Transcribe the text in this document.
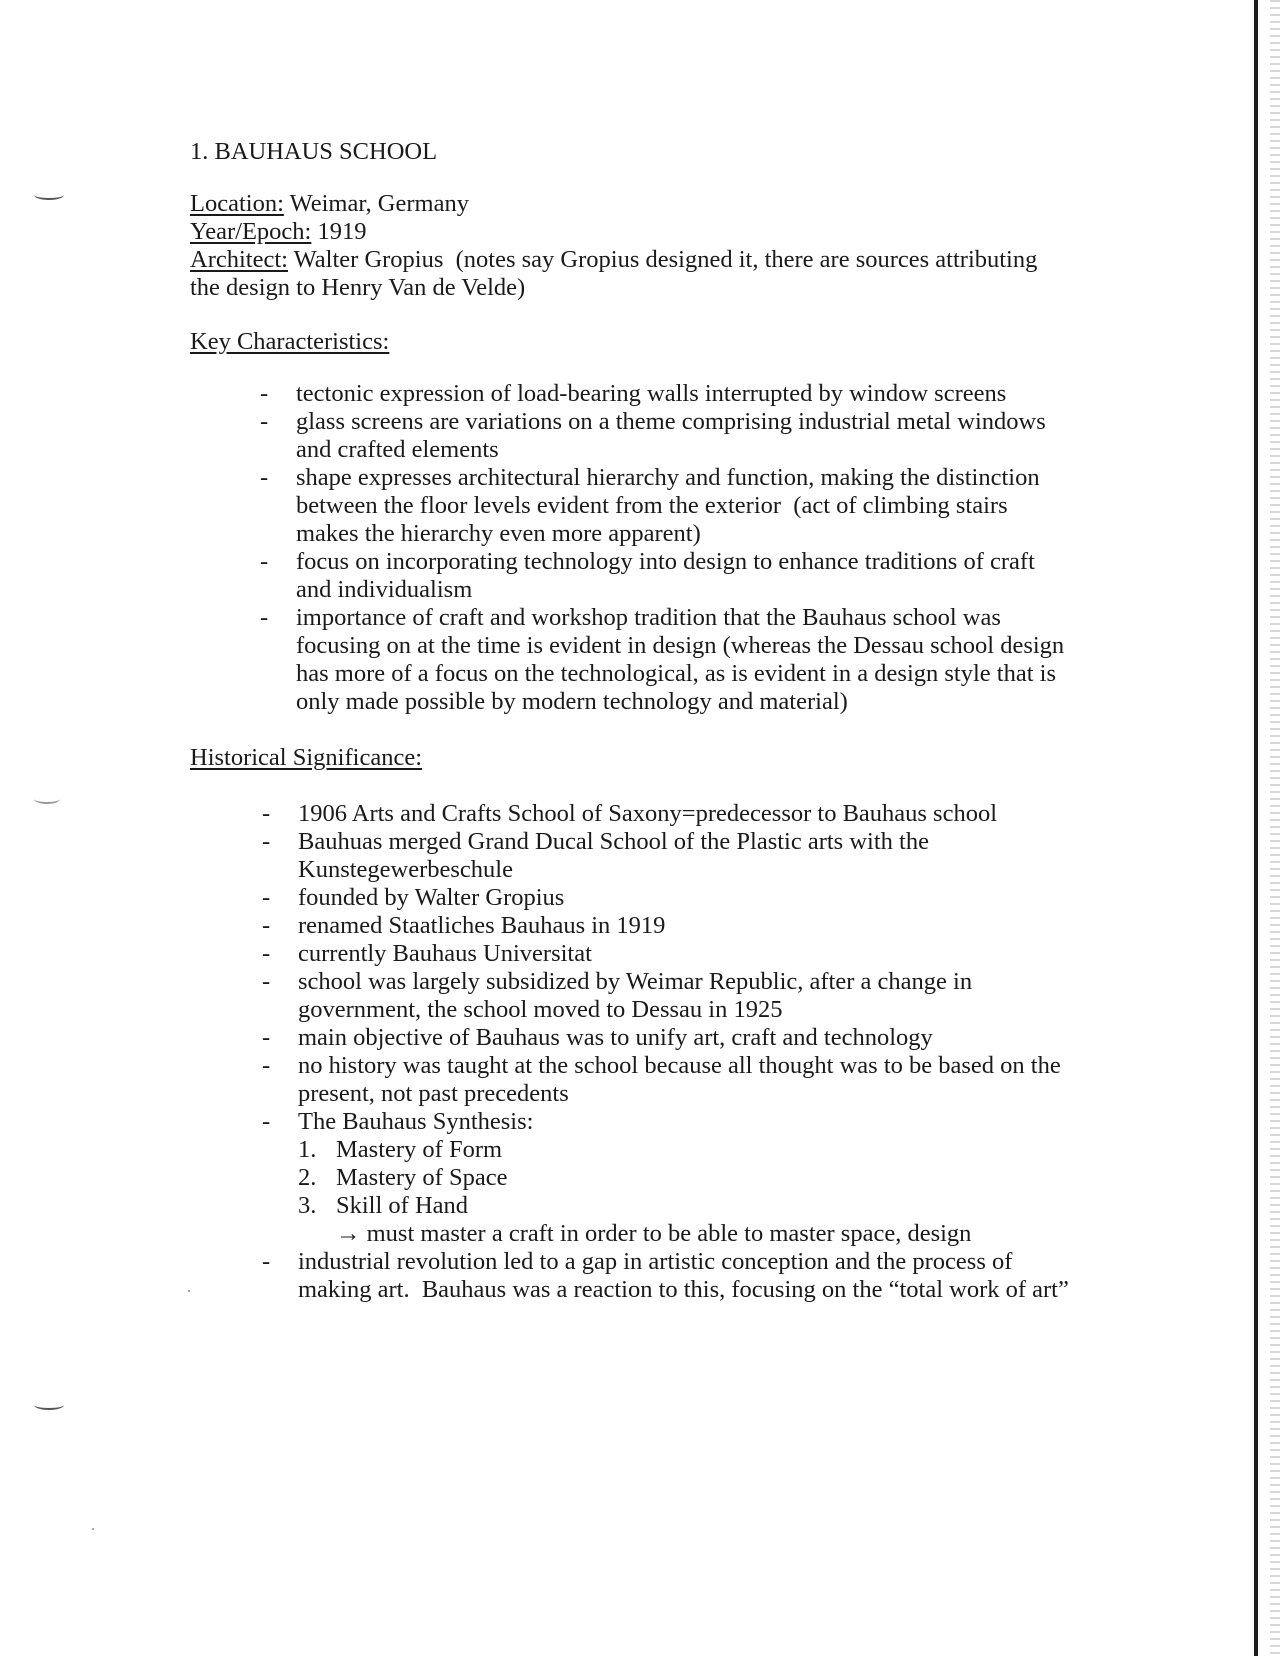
1. BAUHAUS SCHOOL
Location: Weimar, Germany
Year/Epoch: 1919
Architect: Walter Gropius  (notes say Gropius designed it, there are sources attributing
the design to Henry Van de Velde)
Key Characteristics:
- tectonic expression of load-bearing walls interrupted by window screens
- glass screens are variations on a theme comprising industrial metal windows
and crafted elements
- shape expresses architectural hierarchy and function, making the distinction
between the floor levels evident from the exterior  (act of climbing stairs
makes the hierarchy even more apparent)
- focus on incorporating technology into design to enhance traditions of craft
and individualism
- importance of craft and workshop tradition that the Bauhaus school was
focusing on at the time is evident in design (whereas the Dessau school design
has more of a focus on the technological, as is evident in a design style that is
only made possible by modern technology and material)
Historical Significance:
- 1906 Arts and Crafts School of Saxony=predecessor to Bauhaus school
- Bauhuas merged Grand Ducal School of the Plastic arts with the
Kunstegewerbeschule
- founded by Walter Gropius
- renamed Staatliches Bauhaus in 1919
- currently Bauhaus Universitat
- school was largely subsidized by Weimar Republic, after a change in
government, the school moved to Dessau in 1925
- main objective of Bauhaus was to unify art, craft and technology
- no history was taught at the school because all thought was to be based on the
present, not past precedents
- The Bauhaus Synthesis:
1. Mastery of Form
2. Mastery of Space
3. Skill of Hand
→ must master a craft in order to be able to master space, design
- industrial revolution led to a gap in artistic conception and the process of
making art.  Bauhaus was a reaction to this, focusing on the “total work of art”
